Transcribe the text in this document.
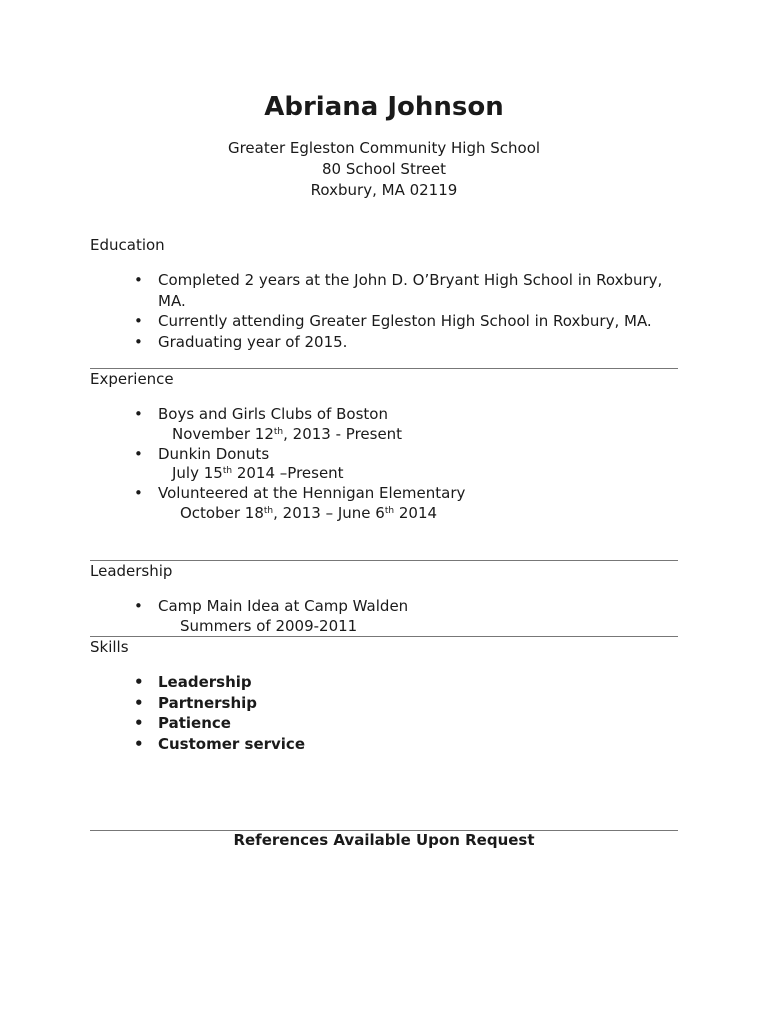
Abriana Johnson
Greater Egleston Community High School
80 School Street
Roxbury, MA 02119
Education
• Completed 2 years at the John D. O’Bryant High School in Roxbury, MA.
• Currently attending Greater Egleston High School in Roxbury, MA.
• Graduating year of 2015.
Experience
• Boys and Girls Clubs of Boston
November 12th, 2013 - Present
• Dunkin Donuts
July 15th 2014 –Present
• Volunteered at the Hennigan Elementary
October 18th, 2013 – June 6th 2014
Leadership
• Camp Main Idea at Camp Walden
Summers of 2009-2011
Skills
• Leadership
• Partnership
• Patience
• Customer service
References Available Upon Request
